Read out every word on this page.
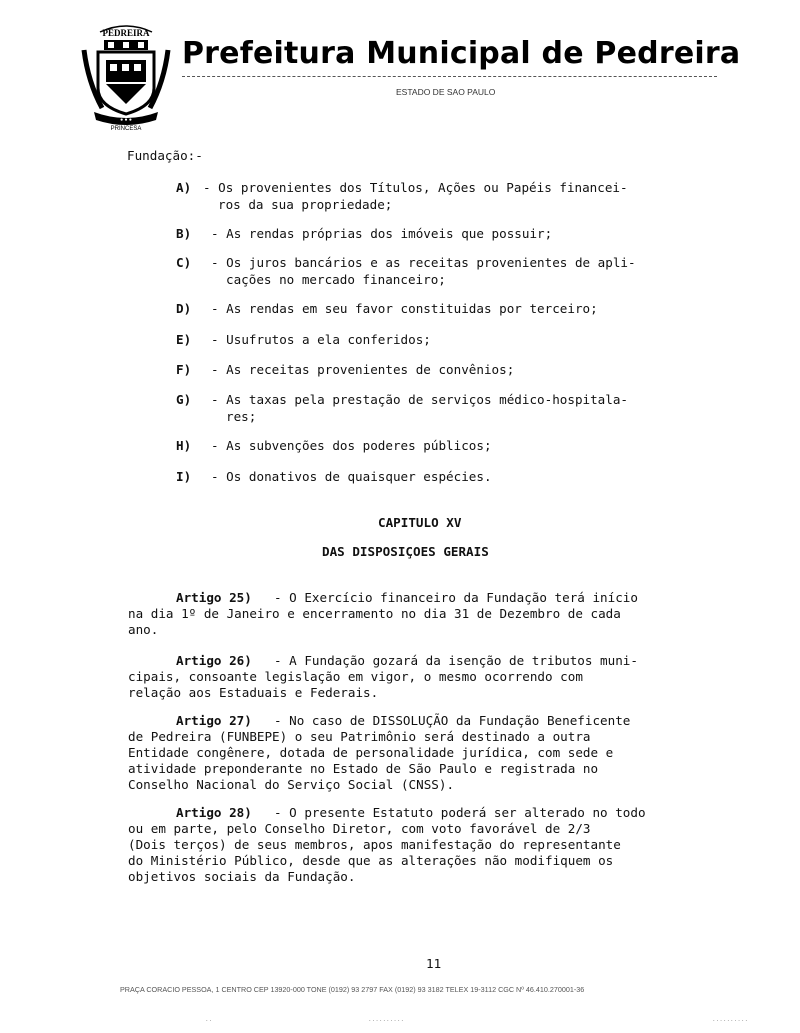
PEDREIRA
● ● ●
PRINCESA
Prefeitura Municipal de Pedreira
ESTADO DE SAO PAULO
Fundação:-
A) - Os provenientes dos Títulos, Ações ou Papéis financei-
ros da sua propriedade;
B) - As rendas próprias dos imóveis que possuir;
C) - Os juros bancários e as receitas provenientes de apli-
cações no mercado financeiro;
D) - As rendas em seu favor constituidas por terceiro;
E) - Usufrutos a ela conferidos;
F) - As receitas provenientes de convênios;
G) - As taxas pela prestação de serviços médico-hospitala-
res;
H) - As subvenções dos poderes públicos;
I) - Os donativos de quaisquer espécies.
CAPITULO XV
DAS DISPOSIÇOES GERAIS
Artigo 25) - O Exercício financeiro da Fundação terá início
na dia 1º de Janeiro e encerramento no dia 31 de Dezembro de cada
ano.
Artigo 26) - A Fundação gozará da isenção de tributos muni-
cipais, consoante legislação em vigor, o mesmo ocorrendo com
relação aos Estaduais e Federais.
Artigo 27) - No caso de DISSOLUÇÃO da Fundação Beneficente
de Pedreira (FUNBEPE) o seu Patrimônio será destinado a outra
Entidade congênere, dotada de personalidade jurídica, com sede e
atividade preponderante no Estado de São Paulo e registrada no
Conselho Nacional do Serviço Social (CNSS).
Artigo 28) - O presente Estatuto poderá ser alterado no todo
ou em parte, pelo Conselho Diretor, com voto favorável de 2/3
(Dois terços) de seus membros, apos manifestação do representante
do Ministério Público, desde que as alterações não modifiquem os
objetivos sociais da Fundação.
11
PRAÇA CORACIO PESSOA, 1 CENTRO CEP 13920-000 TONE (0192) 93 2797 FAX (0192) 93 3182 TELEX 19-3112 CGC Nº 46.410.270001-36
..	..........	..........
